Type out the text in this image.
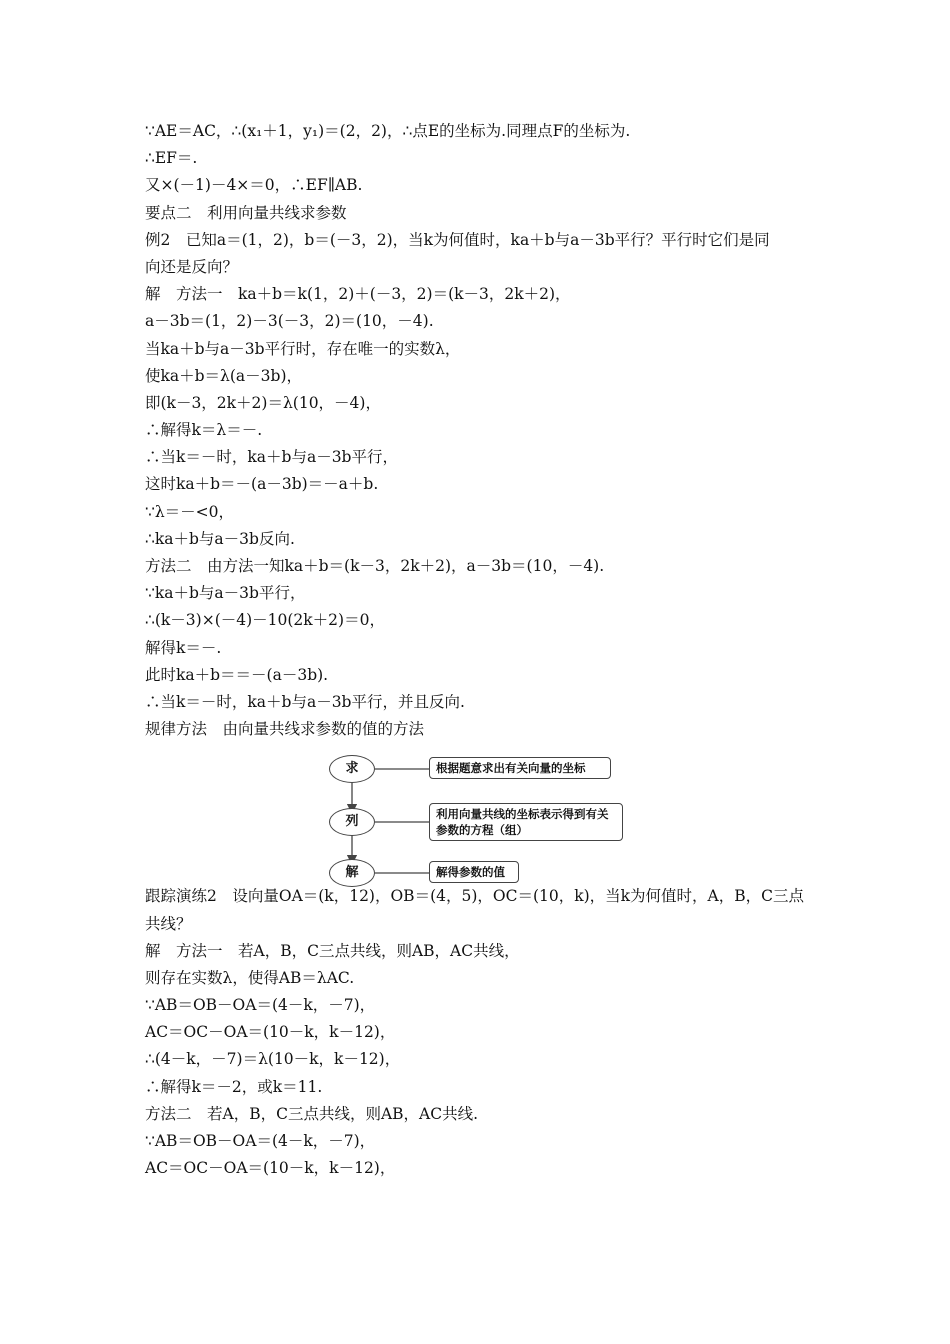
∵AE＝AC，∴(x₁＋1，y₁)＝(2，2)，∴点E的坐标为.同理点F的坐标为.
∴EF＝.
又×(－1)－4×＝0，∴EF∥AB.
要点二　利用向量共线求参数
例2　已知a＝(1，2)，b＝(－3，2)，当k为何值时，ka＋b与a－3b平行？平行时它们是同
向还是反向？
解　方法一　ka＋b＝k(1，2)＋(－3，2)＝(k－3，2k＋2)，
a－3b＝(1，2)－3(－3，2)＝(10，－4).
当ka＋b与a－3b平行时，存在唯一的实数λ，
使ka＋b＝λ(a－3b)，
即(k－3，2k＋2)＝λ(10，－4)，
∴解得k＝λ＝－.
∴当k＝－时，ka＋b与a－3b平行，
这时ka＋b＝－(a－3b)＝－a＋b.
∵λ＝－<0，
∴ka＋b与a－3b反向.
方法二　由方法一知ka＋b＝(k－3，2k＋2)，a－3b＝(10，－4).
∵ka＋b与a－3b平行，
∴(k－3)×(－4)－10(2k＋2)＝0，
解得k＝－.
此时ka＋b＝＝－(a－3b).
∴当k＝－时，ka＋b与a－3b平行，并且反向.
规律方法　由向量共线求参数的值的方法
求
列
解
根据题意求出有关向量的坐标
利用向量共线的坐标表示得到有关参数的方程（组）
解得参数的值
跟踪演练2　设向量OA＝(k，12)，OB＝(4，5)，OC＝(10，k)，当k为何值时，A，B，C三点
共线？
解　方法一　若A，B，C三点共线，则AB，AC共线，
则存在实数λ，使得AB＝λAC.
∵AB＝OB－OA＝(4－k，－7)，
AC＝OC－OA＝(10－k，k－12)，
∴(4－k，－7)＝λ(10－k，k－12)，
∴解得k＝－2，或k＝11.
方法二　若A，B，C三点共线，则AB，AC共线.
∵AB＝OB－OA＝(4－k，－7)，
AC＝OC－OA＝(10－k，k－12)，
